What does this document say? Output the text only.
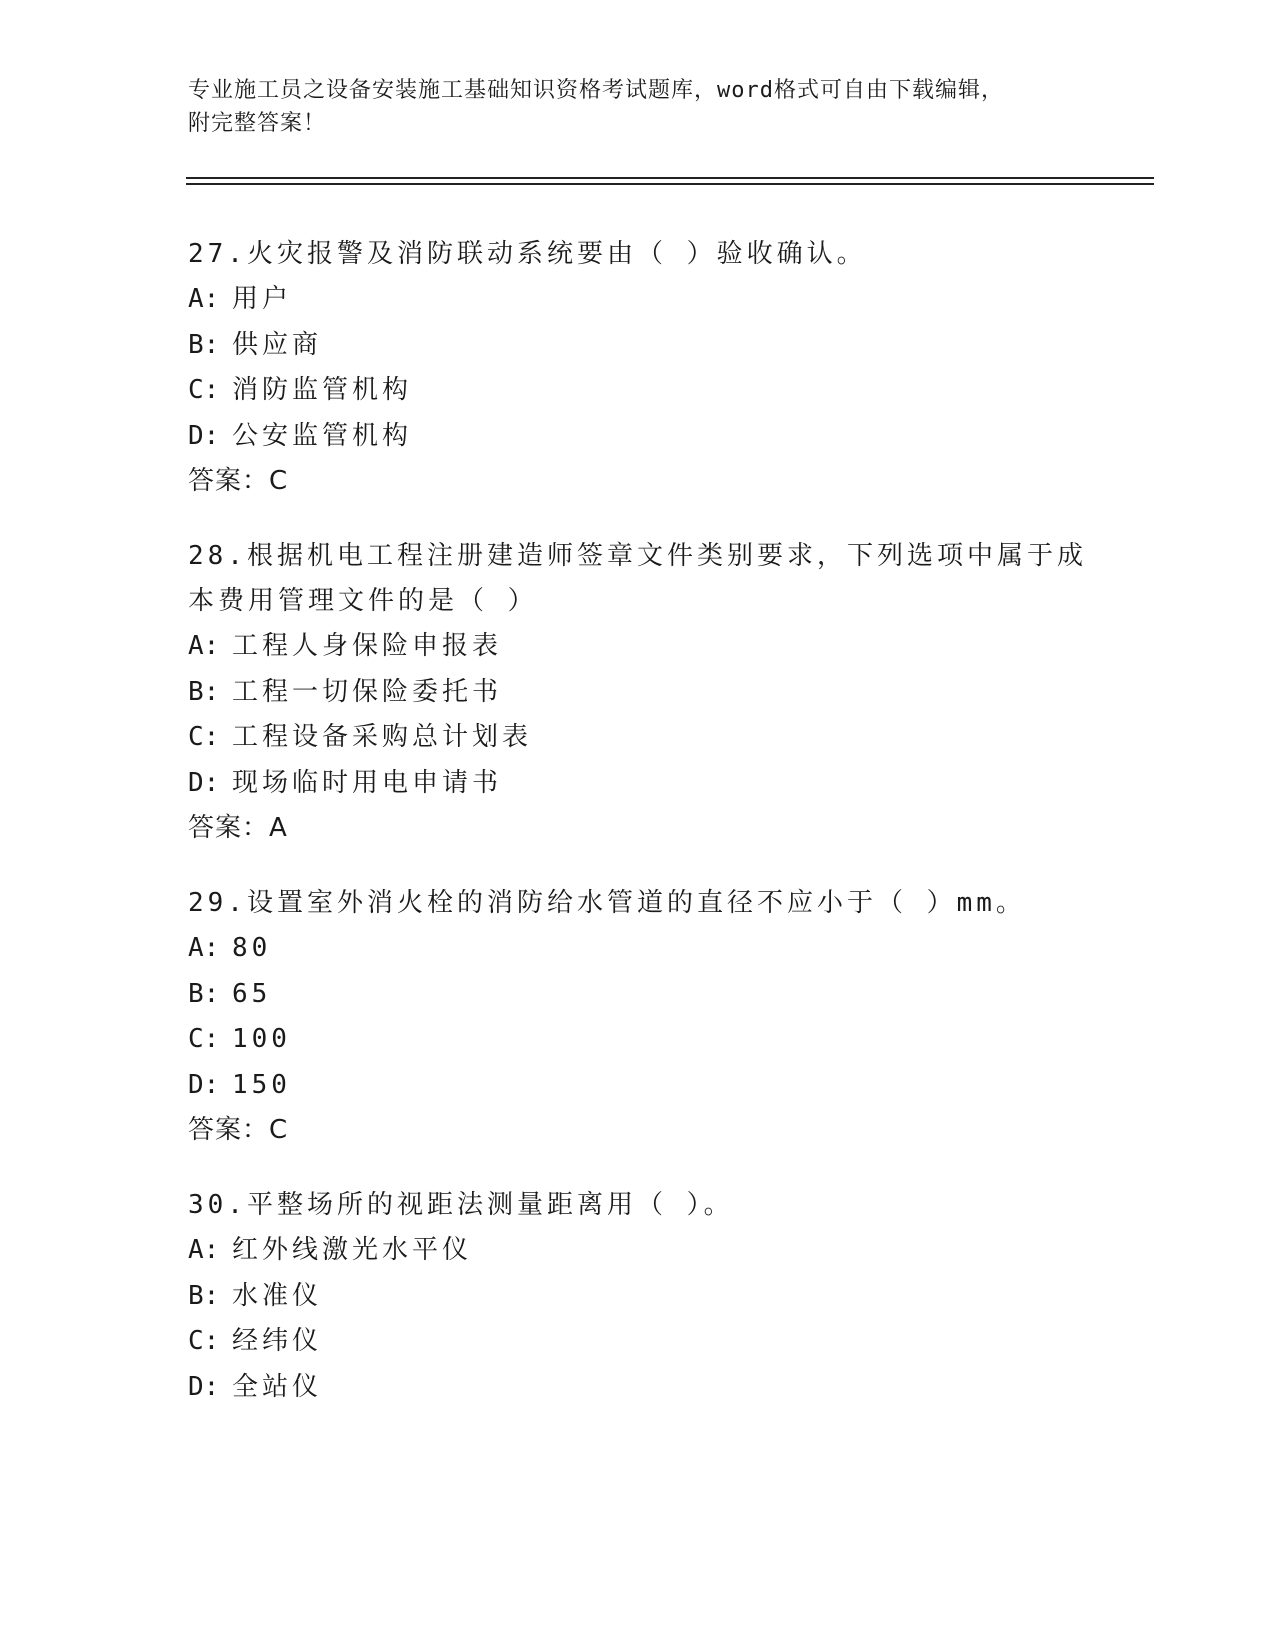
专业施工员之设备安装施工基础知识资格考试题库，word格式可自由下载编辑，
附完整答案！

27.火灾报警及消防联动系统要由（ ）验收确认。

A: 用户
B: 供应商
C: 消防监管机构
D: 公安监管机构
答案：C

28.根据机电工程注册建造师签章文件类别要求，下列选项中属于成本费用管理文件的是（ ）

A: 工程人身保险申报表
B: 工程一切保险委托书
C: 工程设备采购总计划表
D: 现场临时用电申请书
答案：A

29.设置室外消火栓的消防给水管道的直径不应小于（ ）mm。

A: 80
B: 65
C: 100
D: 150
答案：C

30.平整场所的视距法测量距离用（ ）。

A: 红外线激光水平仪
B: 水准仪
C: 经纬仪
D: 全站仪
